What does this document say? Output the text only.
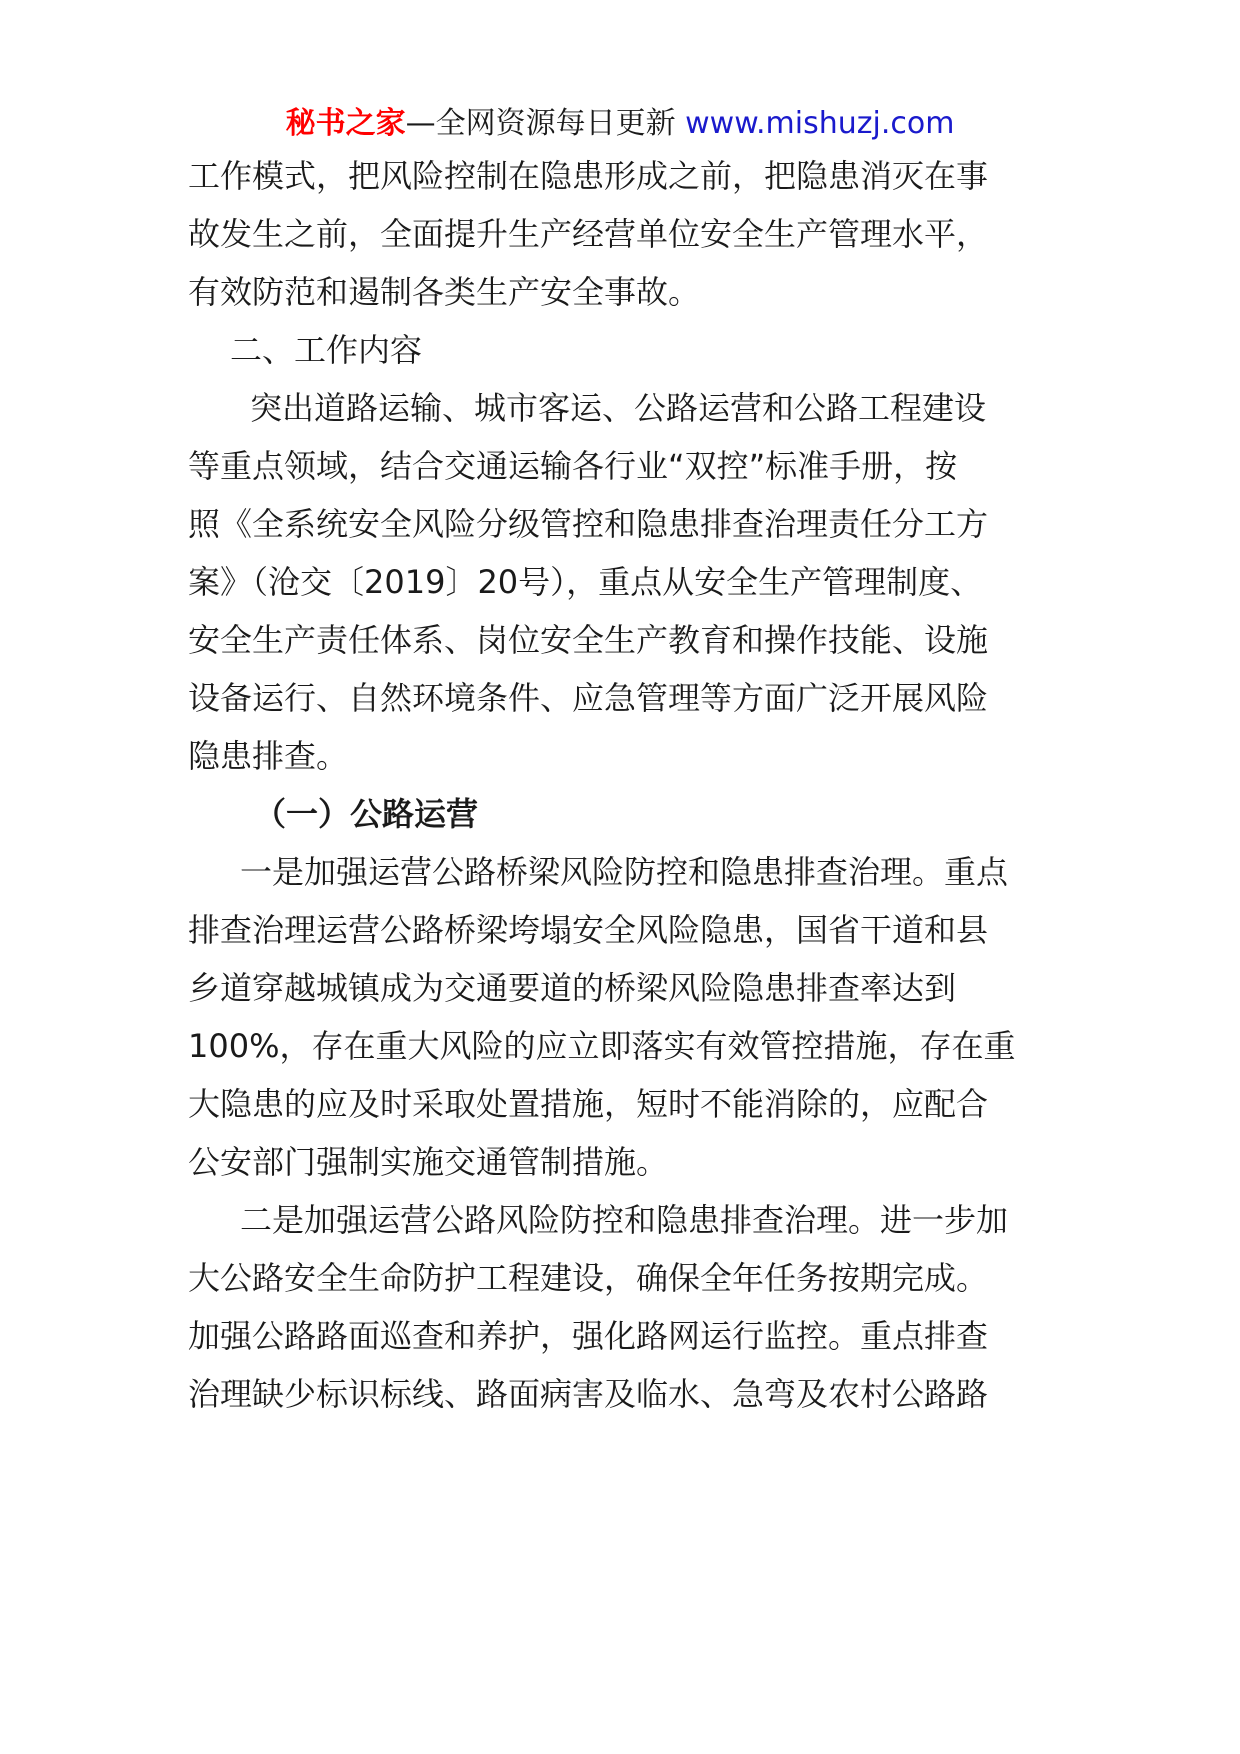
秘书之家—全网资源每日更新 www.mishuzj.com
工作模式，把风险控制在隐患形成之前，把隐患消灭在事
故发生之前，全面提升生产经营单位安全生产管理水平，
有效防范和遏制各类生产安全事故。
二、工作内容
突出道路运输、城市客运、公路运营和公路工程建设
等重点领域，结合交通运输各行业“双控”标准手册，按
照《全系统安全风险分级管控和隐患排查治理责任分工方
案》（沧交〔2019〕20号），重点从安全生产管理制度、
安全生产责任体系、岗位安全生产教育和操作技能、设施
设备运行、自然环境条件、应急管理等方面广泛开展风险
隐患排查。
（一）公路运营
一是加强运营公路桥梁风险防控和隐患排查治理。重点
排查治理运营公路桥梁垮塌安全风险隐患，国省干道和县
乡道穿越城镇成为交通要道的桥梁风险隐患排查率达到
100%，存在重大风险的应立即落实有效管控措施，存在重
大隐患的应及时采取处置措施，短时不能消除的，应配合
公安部门强制实施交通管制措施。
二是加强运营公路风险防控和隐患排查治理。进一步加
大公路安全生命防护工程建设，确保全年任务按期完成。
加强公路路面巡查和养护，强化路网运行监控。重点排查
治理缺少标识标线、路面病害及临水、急弯及农村公路路
